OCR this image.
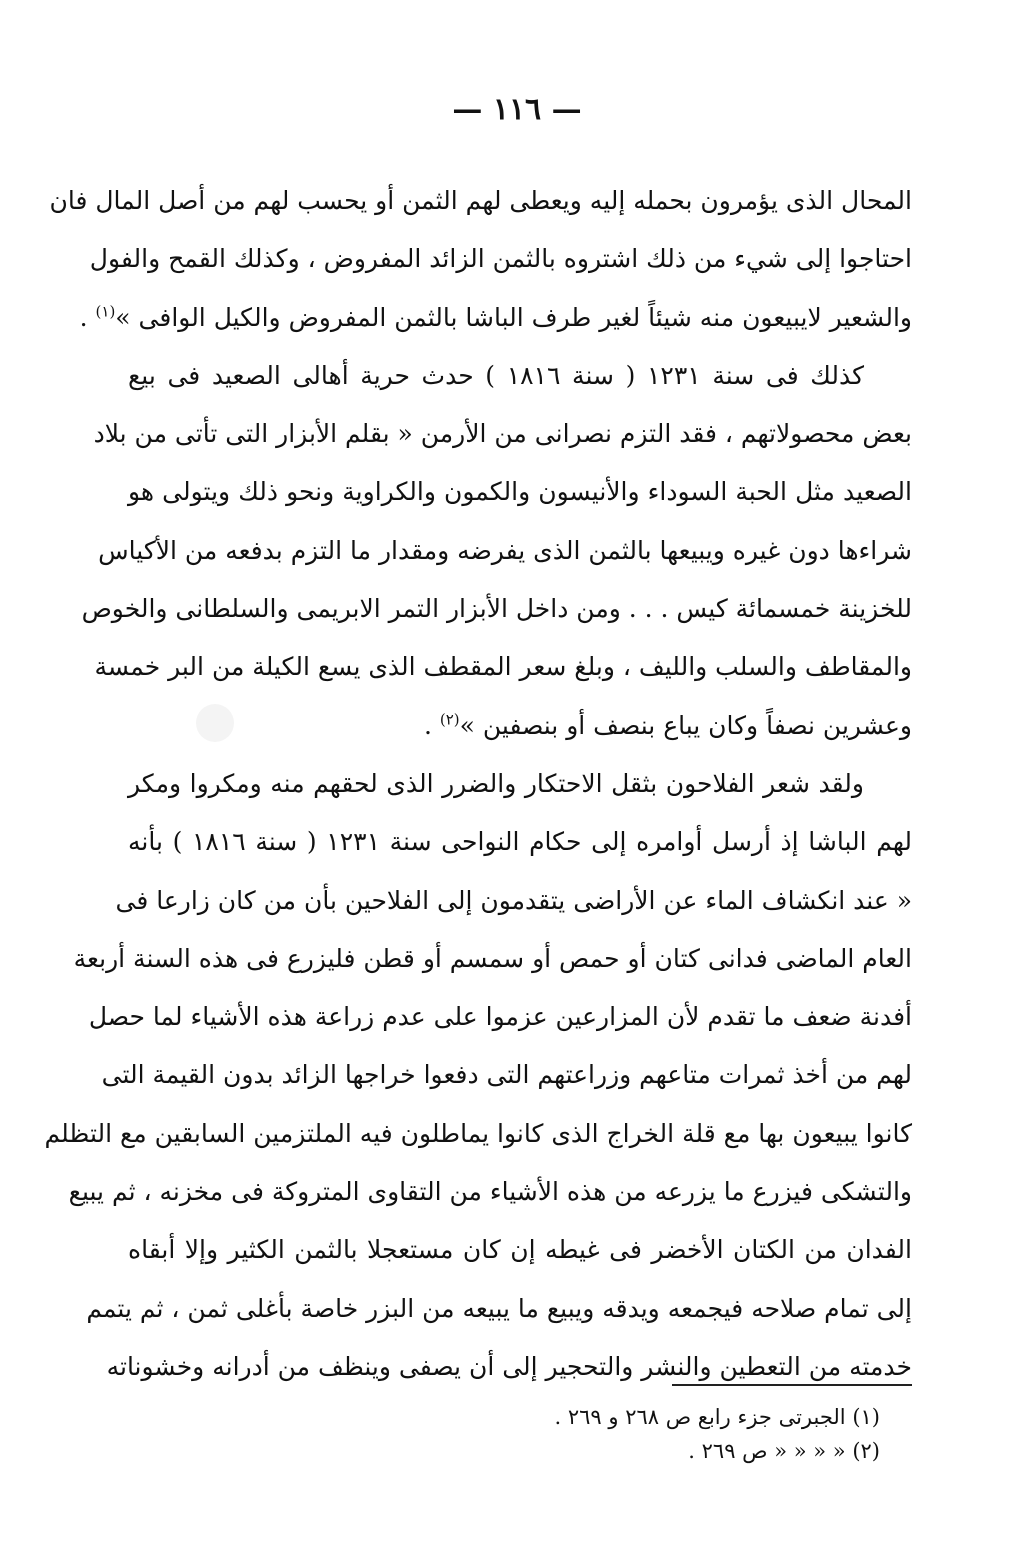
— ١١٦ —
المحال الذى يؤمرون بحمله إليه ويعطى لهم الثمن أو يحسب لهم من أصل المال فان
احتاجوا إلى شيء من ذلك اشتروه بالثمن الزائد المفروض ، وكذلك القمح والفول
والشعير لايبيعون منه شيئاً لغير طرف الباشا بالثمن المفروض والكيل الوافى »$^{(١)}$ .
كذلك فى سنة ١٢٣١ ( سنة ١٨١٦ ) حدث حرية أهالى الصعيد فى بيع
بعض محصولاتهم ، فقد التزم نصرانى من الأرمن « بقلم الأبزار التى تأتى من بلاد
الصعيد مثل الحبة السوداء والأنيسون والكمون والكراوية ونحو ذلك ويتولى هو
شراءها دون غيره ويبيعها بالثمن الذى يفرضه ومقدار ما التزم بدفعه من الأكياس
للخزينة خمسمائة كيس . . . ومن داخل الأبزار التمر الابريمى والسلطانى والخوص
والمقاطف والسلب والليف ، وبلغ سعر المقطف الذى يسع الكيلة من البر خمسة
وعشرين نصفاً وكان يباع بنصف أو بنصفين »$^{(٢)}$ .
ولقد شعر الفلاحون بثقل الاحتكار والضرر الذى لحقهم منه ومكروا ومكر
لهم الباشا إذ أرسل أوامره إلى حكام النواحى سنة ١٢٣١ ( سنة ١٨١٦ ) بأنه
« عند انكشاف الماء عن الأراضى يتقدمون إلى الفلاحين بأن من كان زارعا فى
العام الماضى فدانى كتان أو حمص أو سمسم أو قطن فليزرع فى هذه السنة أربعة
أفدنة ضعف ما تقدم لأن المزارعين عزموا على عدم زراعة هذه الأشياء لما حصل
لهم من أخذ ثمرات متاعهم وزراعتهم التى دفعوا خراجها الزائد بدون القيمة التى
كانوا يبيعون بها مع قلة الخراج الذى كانوا يماطلون فيه الملتزمين السابقين مع التظلم
والتشكى فيزرع ما يزرعه من هذه الأشياء من التقاوى المتروكة فى مخزنه ، ثم يبيع
الفدان من الكتان الأخضر فى غيطه إن كان مستعجلا بالثمن الكثير وإلا أبقاه
إلى تمام صلاحه فيجمعه ويدقه ويبيع ما يبيعه من البزر خاصة بأغلى ثمن ، ثم يتمم
خدمته من التعطين والنشر والتحجير إلى أن يصفى وينظف من أدرانه وخشوناته
(١) الجبرتى جزء رابع ص ٢٦٨ و ٢٦٩ .
(٢) « « « « ص ٢٦٩ .
